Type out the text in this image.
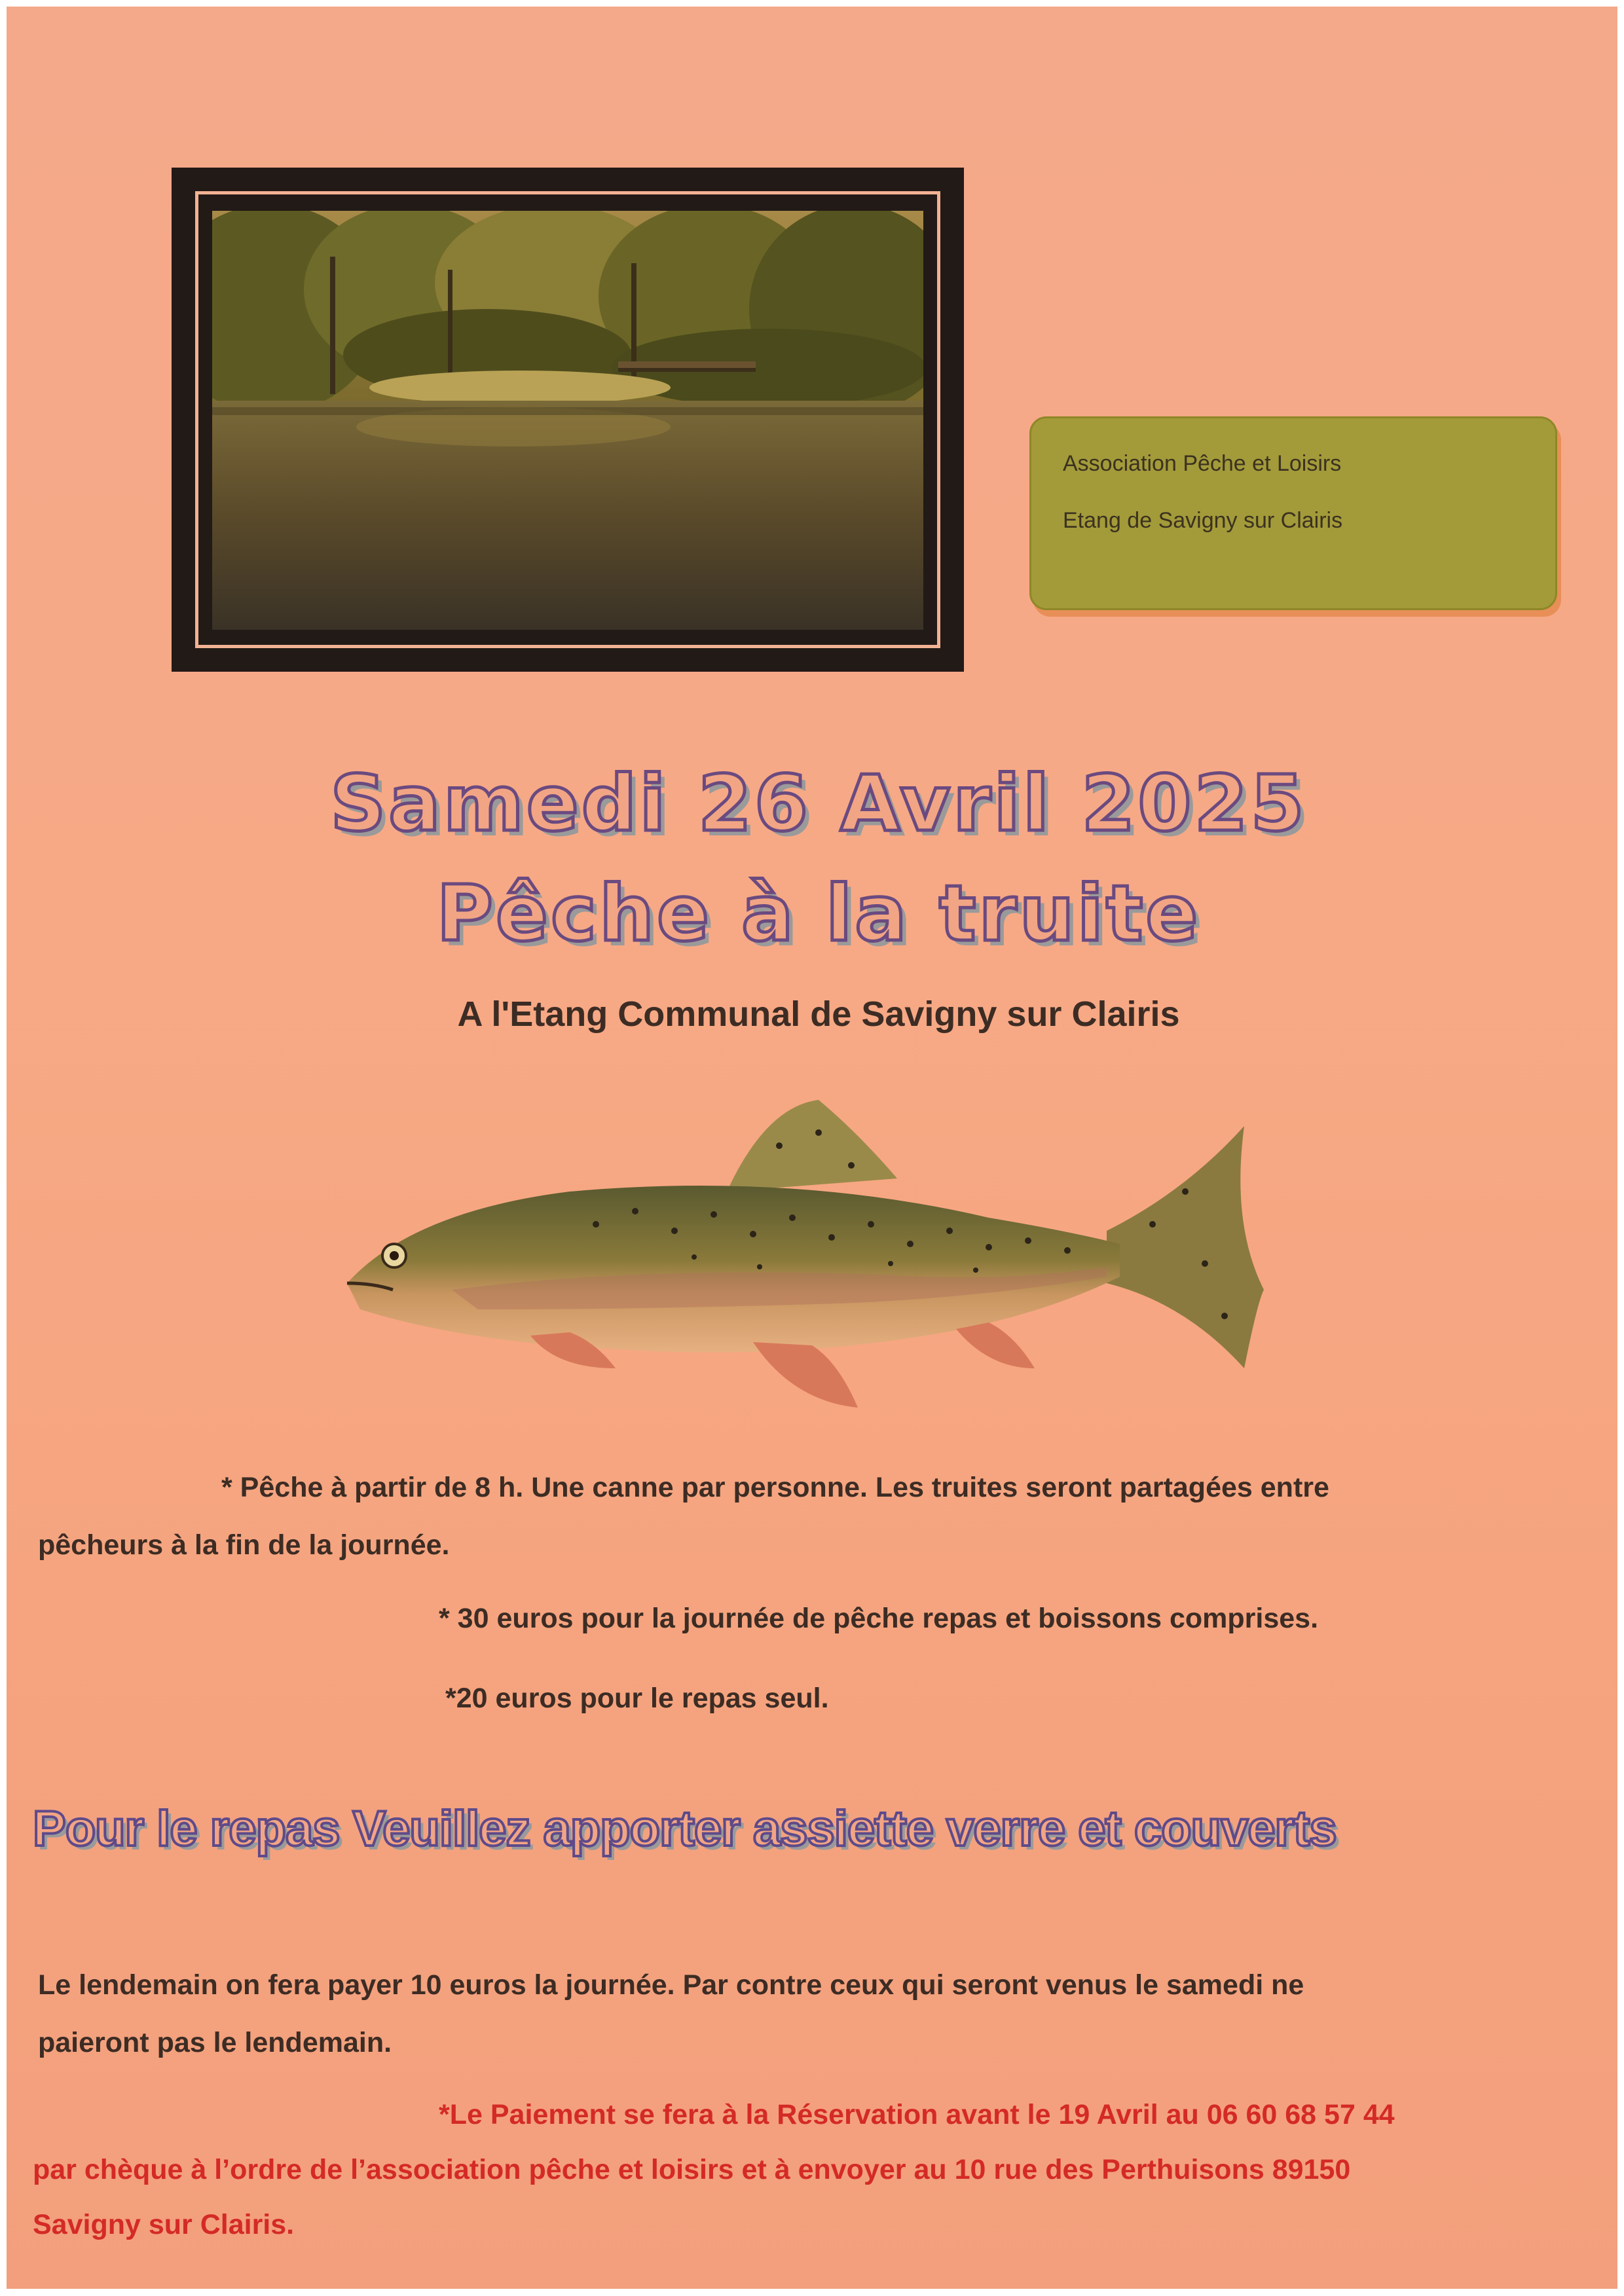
Association Pêche et Loisirs
Etang de Savigny sur Clairis
Samedi 26 Avril 2025
Pêche à la truite
A l'Etang Communal de Savigny sur Clairis
* Pêche à partir de 8 h. Une canne par personne. Les truites seront partagées entre
pêcheurs à la fin de la journée.
* 30 euros pour la journée de pêche repas et boissons comprises.
*20 euros pour le repas seul.
Pour le repas Veuillez apporter assiette verre et couverts
Le lendemain on fera payer 10 euros la journée. Par contre ceux qui seront venus le samedi ne
paieront pas le lendemain.
*Le Paiement se fera à la Réservation avant le 19 Avril au 06 60 68 57 44
par chèque à l’ordre de l’association pêche et loisirs et à envoyer au 10 rue des Perthuisons 89150
Savigny sur Clairis.
